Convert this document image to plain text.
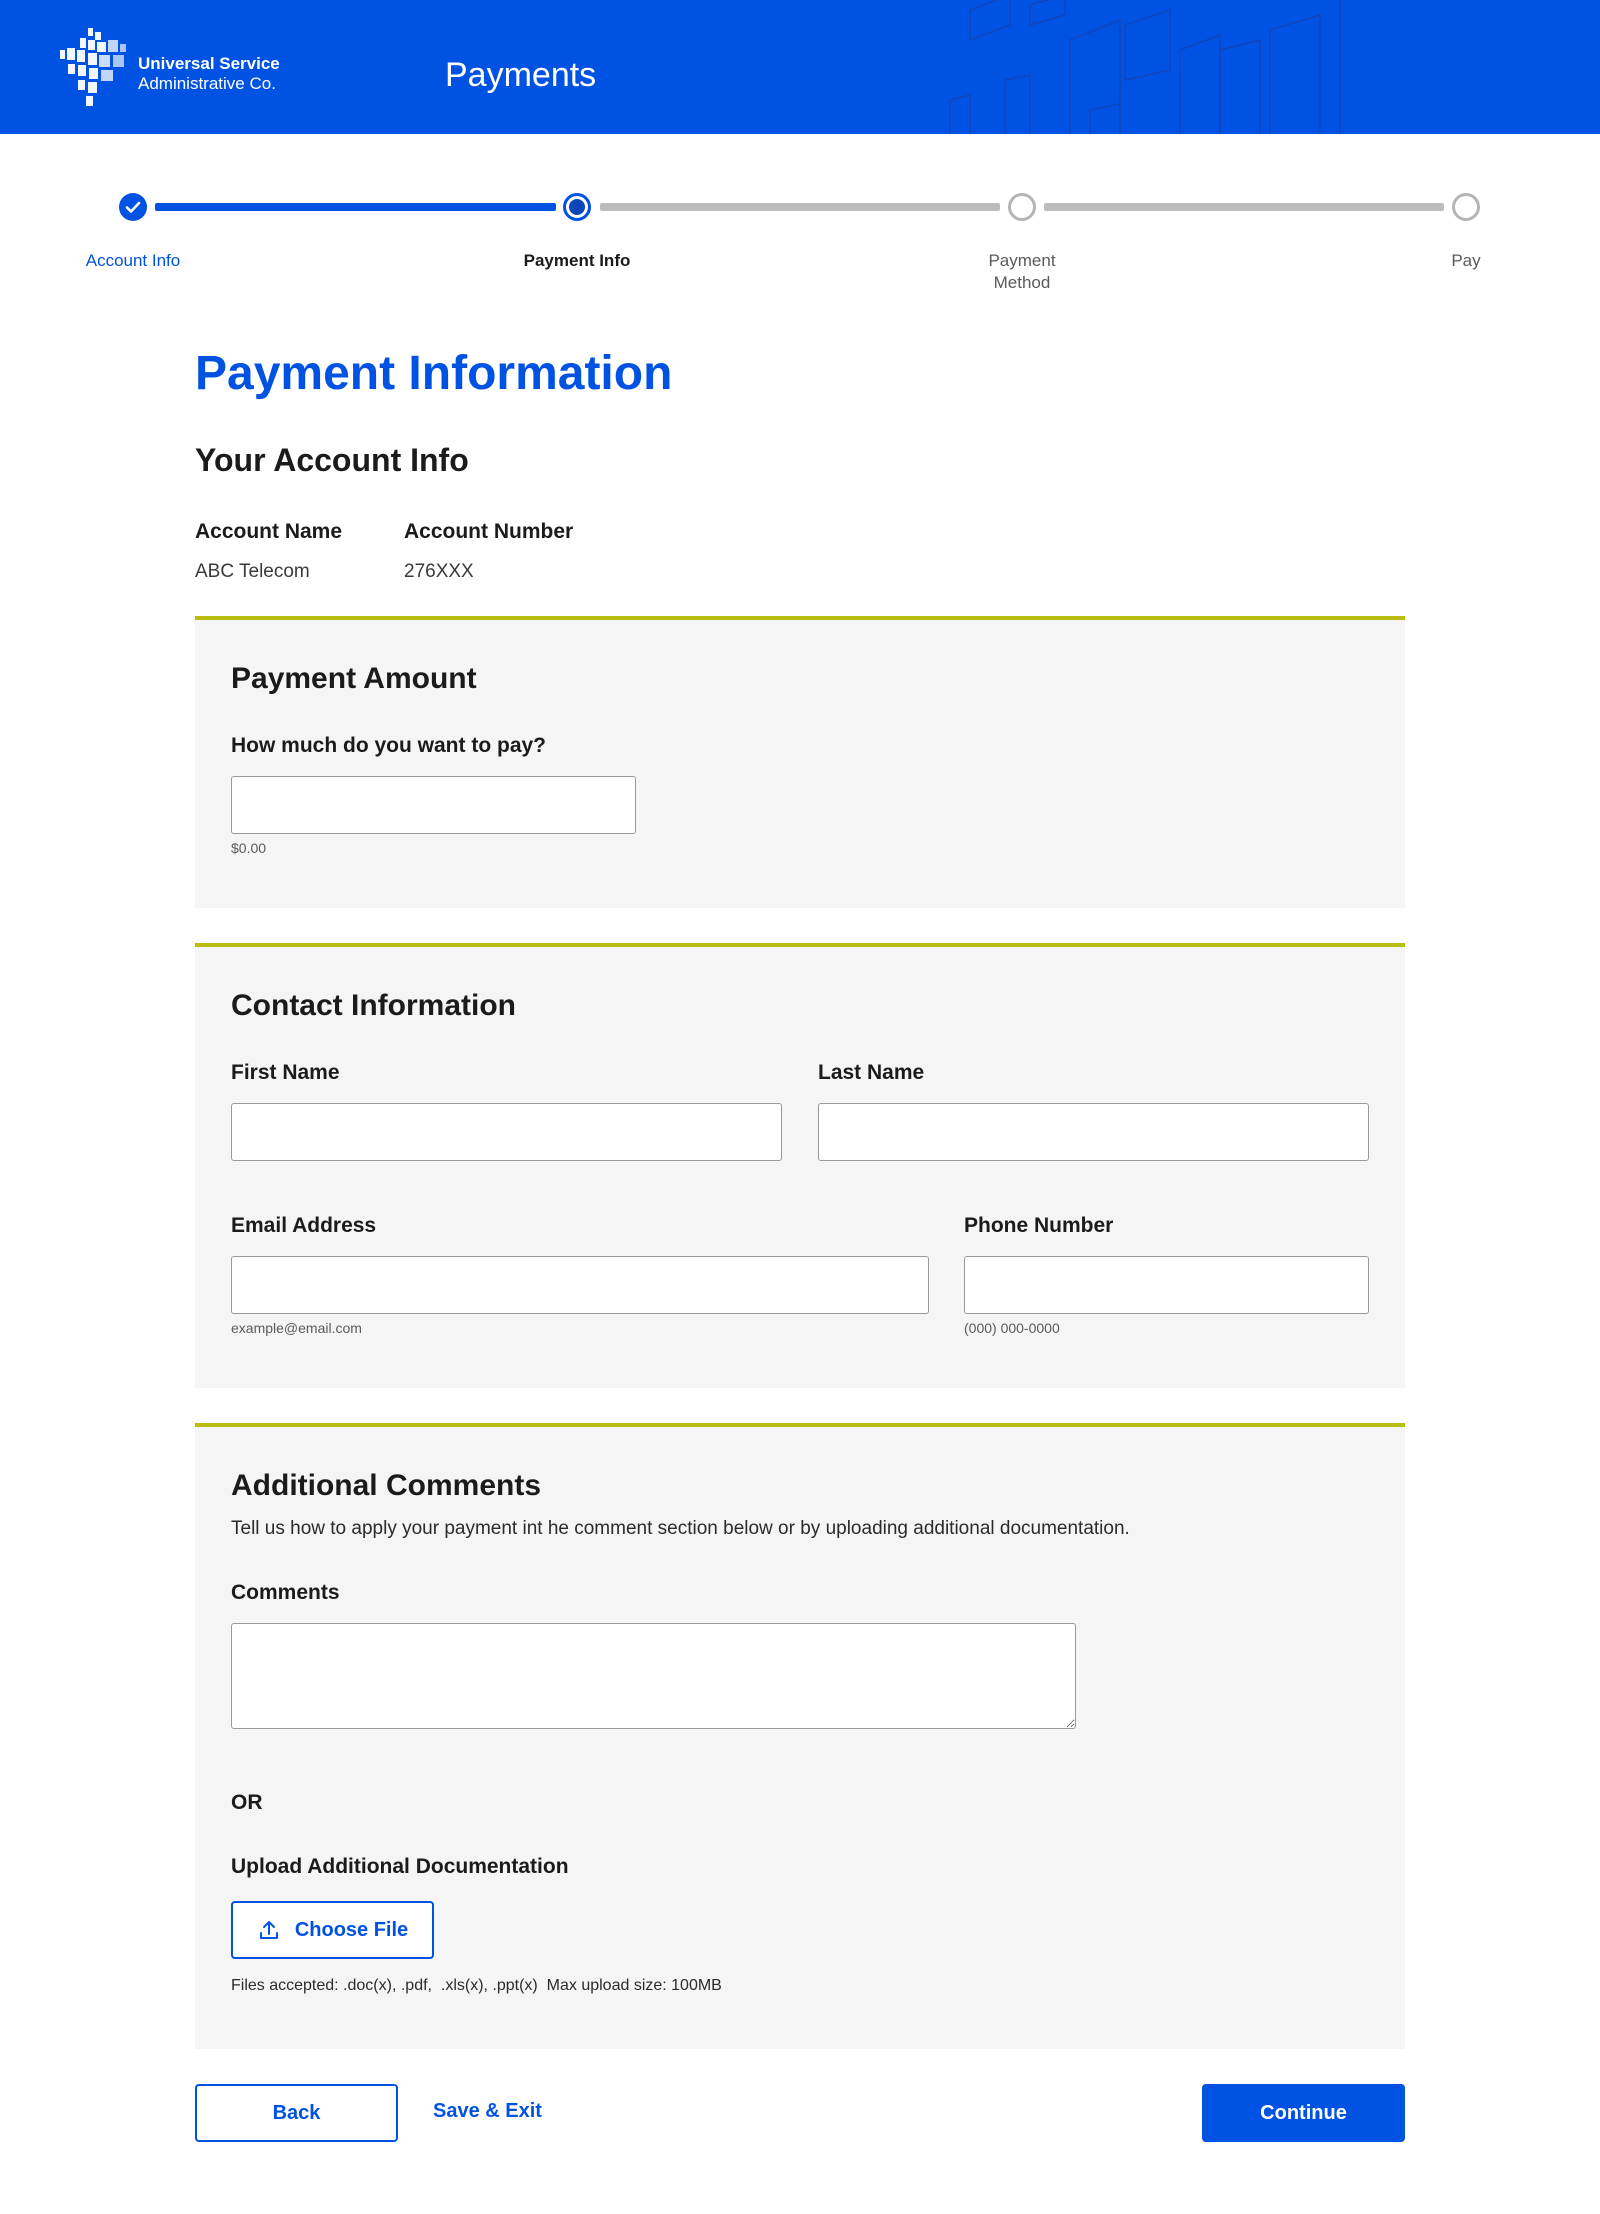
Universal Service
Administrative Co.	Payments
Account Info	Payment Info	Payment
Method
Pay
Payment Information
Your Account Info
Account Name
ABC Telecom
Account Number
276XXX
Payment Amount
How much do you want to pay?
$0.00
Contact Information
First Name	Last Name
Email Address
example@email.com
Phone Number
(000) 000-0000
Additional Comments
Tell us how to apply your payment int he comment section below or by uploading additional documentation.
Comments
OR
Upload Additional Documentation
Choose File
Files accepted: .doc(x), .pdf,  .xls(x), .ppt(x)  Max upload size: 100MB
Back	Save & Exit	Continue
